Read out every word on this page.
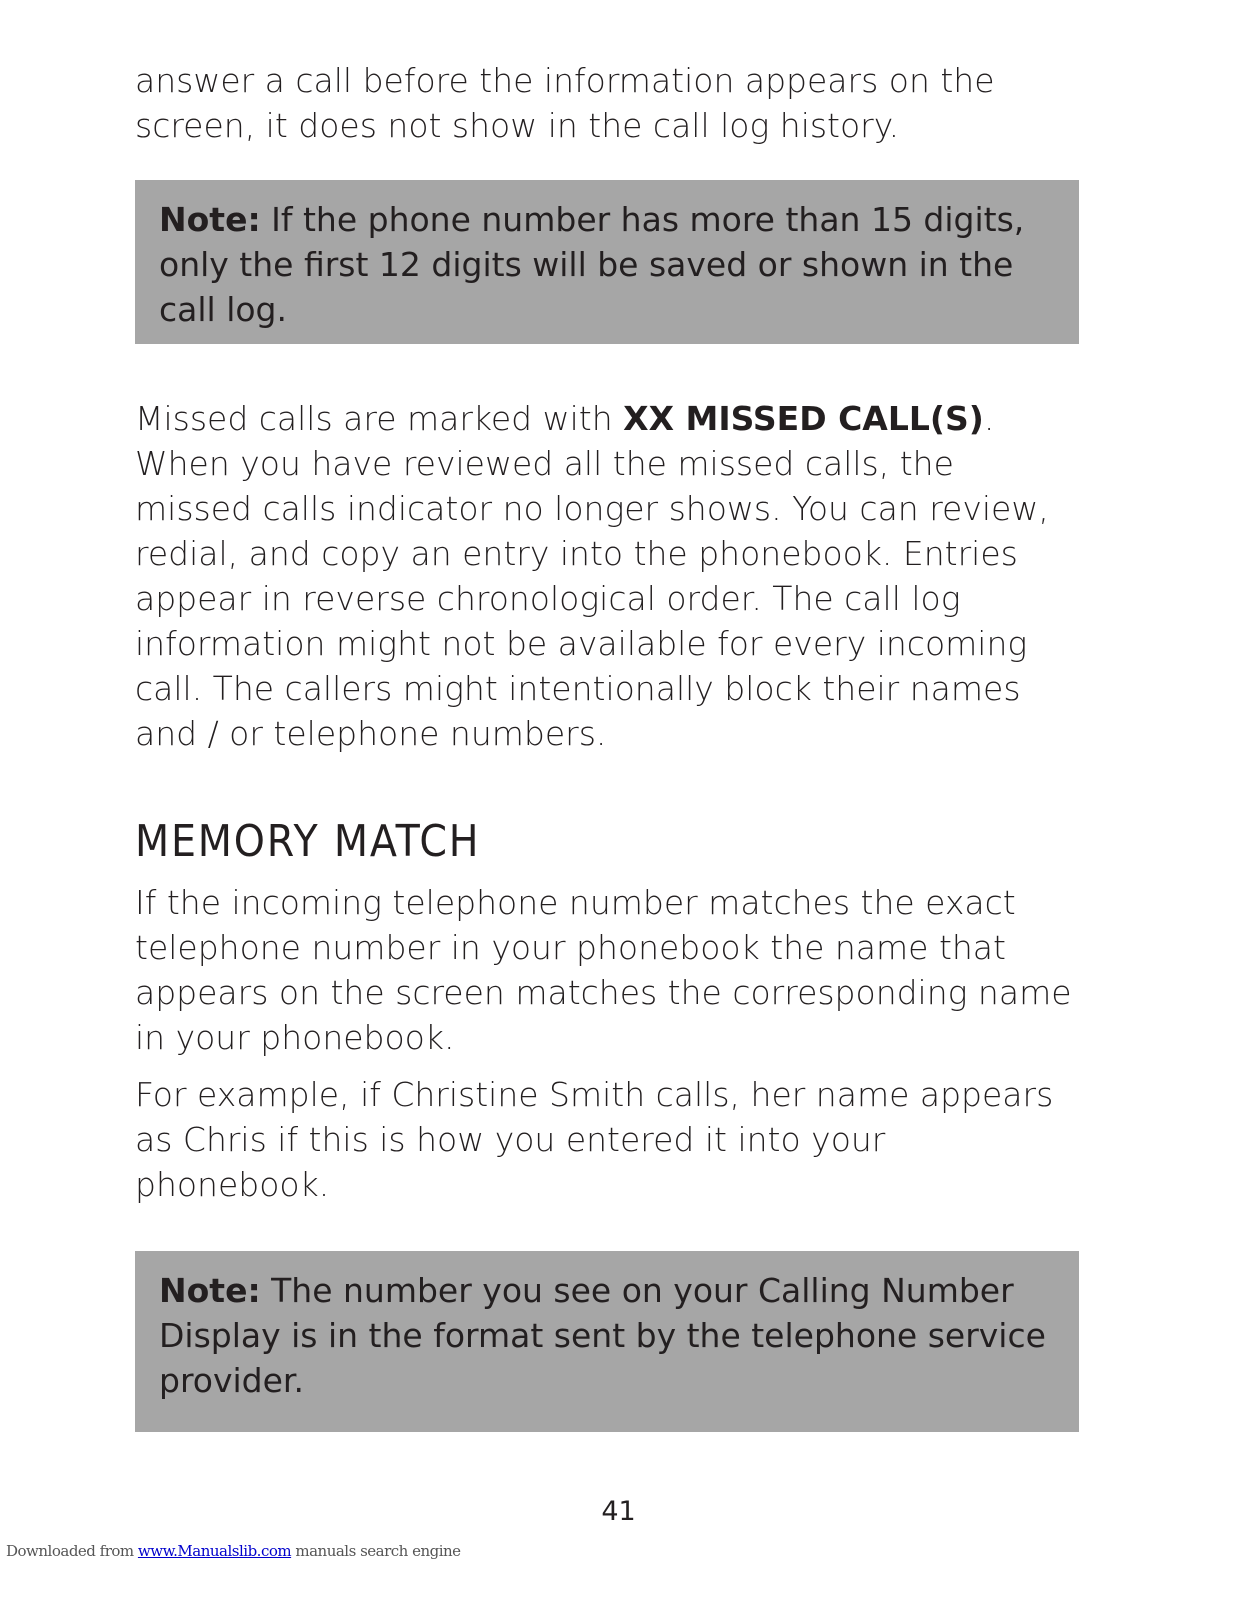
answer a call before the information appears on the screen, it does not show in the call log history.

Note: If the phone number has more than 15 digits, only the first 12 digits will be saved or shown in the call log.

Missed calls are marked with XX MISSED CALL(S). When you have reviewed all the missed calls, the missed calls indicator no longer shows. You can review, redial, and copy an entry into the phonebook. Entries appear in reverse chronological order. The call log information might not be available for every incoming call. The callers might intentionally block their names and / or telephone numbers.

MEMORY MATCH

If the incoming telephone number matches the exact telephone number in your phonebook the name that appears on the screen matches the corresponding name in your phonebook.

For example, if Christine Smith calls, her name appears as Chris if this is how you entered it into your phonebook.

Note: The number you see on your Calling Number Display is in the format sent by the telephone service provider.
41
Downloaded from www.Manualslib.com manuals search engine
